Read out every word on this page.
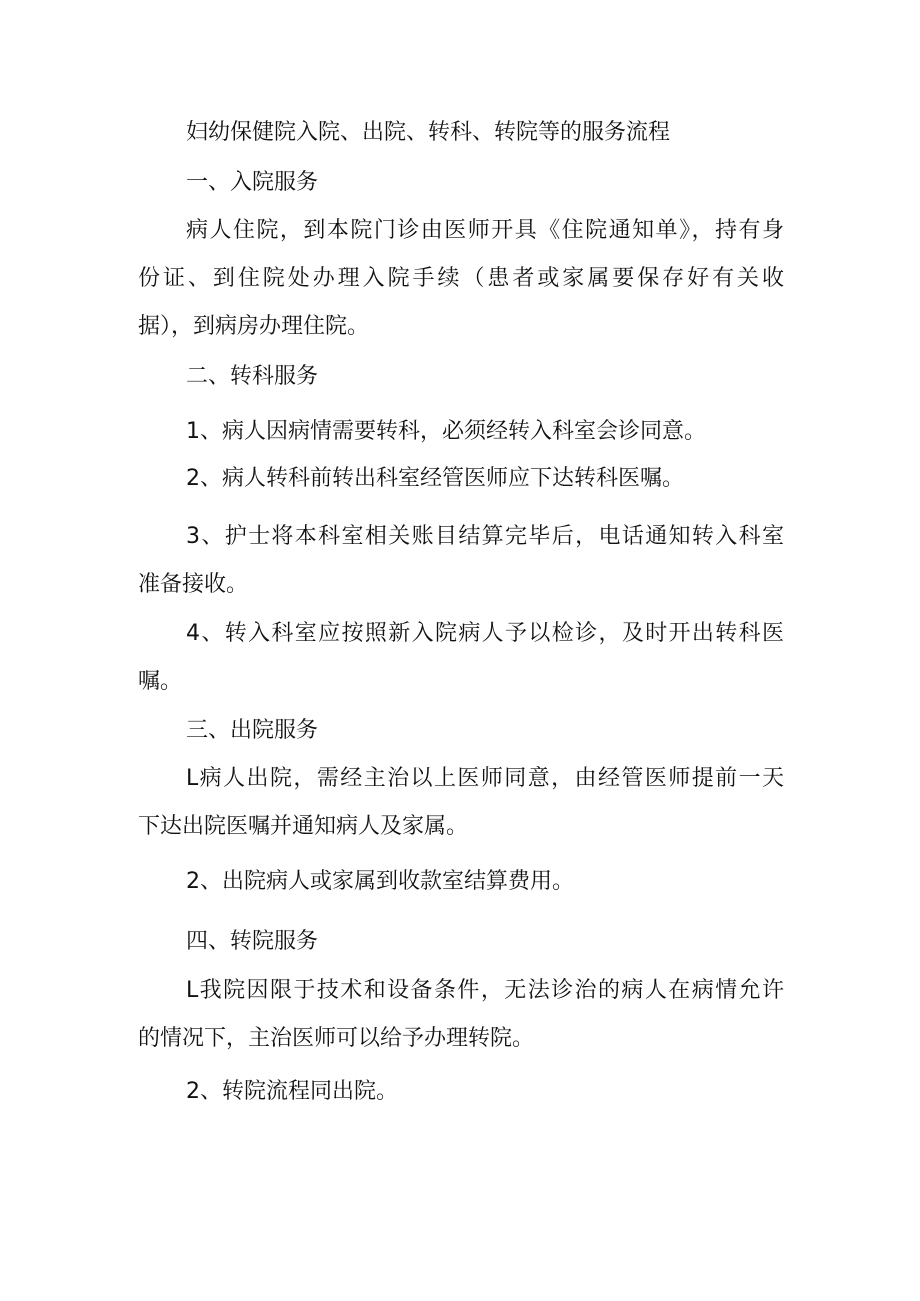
妇幼保健院入院、出院、转科、转院等的服务流程

一、入院服务

病人住院，到本院门诊由医师开具《住院通知单》，持有身

份证、到住院处办理入院手续（患者或家属要保存好有关收

据），到病房办理住院。

二、转科服务

1、病人因病情需要转科，必须经转入科室会诊同意。

2、病人转科前转出科室经管医师应下达转科医嘱。

3、护士将本科室相关账目结算完毕后，电话通知转入科室

准备接收。

4、转入科室应按照新入院病人予以检诊，及时开出转科医

嘱。

三、出院服务

L病人出院，需经主治以上医师同意，由经管医师提前一天

下达出院医嘱并通知病人及家属。

2、出院病人或家属到收款室结算费用。

四、转院服务

L我院因限于技术和设备条件，无法诊治的病人在病情允许

的情况下，主治医师可以给予办理转院。

2、转院流程同出院。
